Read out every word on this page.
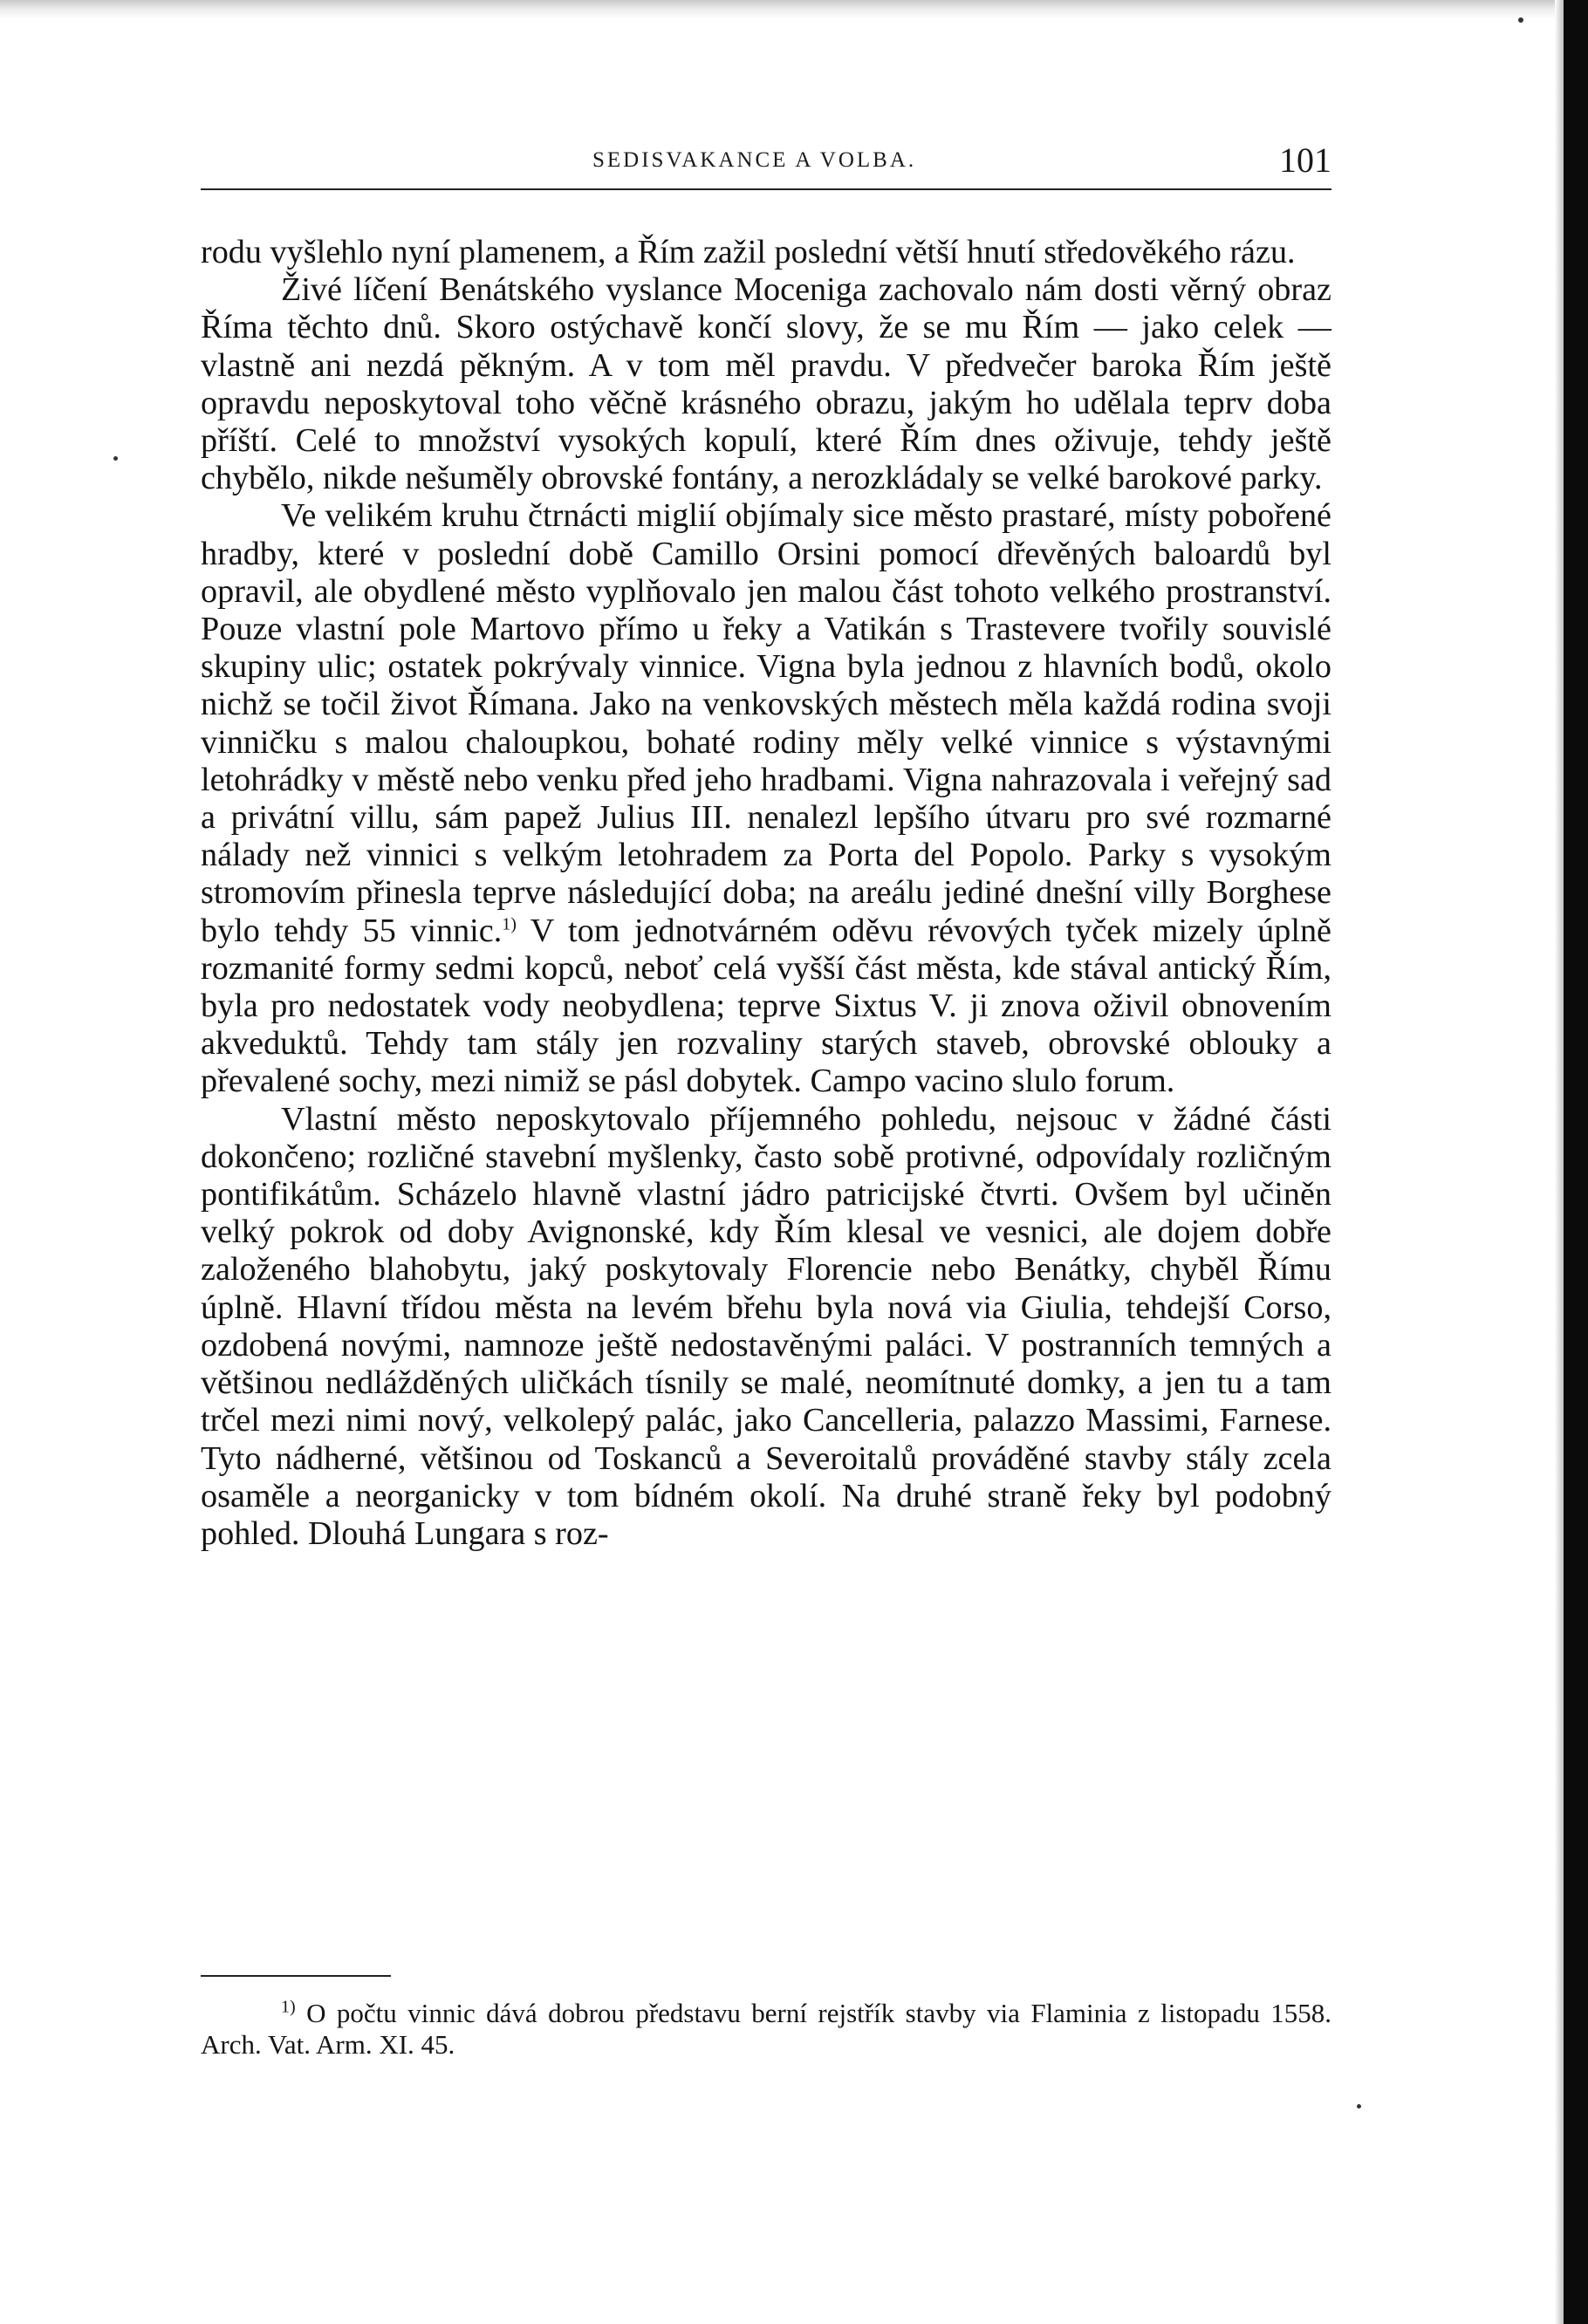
SEDISVAKANCE A VOLBA.	101

rodu vyšlehlo nyní plamenem, a Řím zažil poslední větší hnutí středověkého rázu.

Živé líčení Benátského vyslance Moceniga zachovalo nám dosti věrný obraz Říma těchto dnů. Skoro ostýchavě končí slovy, že se mu Řím — jako celek — vlastně ani nezdá pěkným. A v tom měl pravdu. V předvečer baroka Řím ještě opravdu neposkytoval toho věčně krásného obrazu, jakým ho udělala teprv doba příští. Celé to množství vysokých kopulí, které Řím dnes oživuje, tehdy ještě chybělo, nikde nešuměly obrovské fontány, a nerozkládaly se velké barokové parky.

Ve velikém kruhu čtrnácti miglií objímaly sice město prastaré, místy pobořené hradby, které v poslední době Camillo Orsini pomocí dřevěných baloardů byl opravil, ale obydlené město vyplňovalo jen malou část tohoto velkého prostranství. Pouze vlastní pole Martovo přímo u řeky a Vatikán s Trastevere tvořily souvislé skupiny ulic; ostatek pokrývaly vinnice. Vigna byla jednou z hlavních bodů, okolo nichž se točil život Římana. Jako na venkovských městech měla každá rodina svoji vinničku s malou chaloupkou, bohaté rodiny měly velké vinnice s výstavnými letohrádky v městě nebo venku před jeho hradbami. Vigna nahrazovala i veřejný sad a privátní villu, sám papež Julius III. nenalezl lepšího útvaru pro své rozmarné nálady než vinnici s velkým letohradem za Porta del Popolo. Parky s vysokým stromovím přinesla teprve následující doba; na areálu jediné dnešní villy Borghese bylo tehdy 55 vinnic.$^{1)}$ V tom jednotvárném oděvu révových tyček mizely úplně rozmanité formy sedmi kopců, neboť celá vyšší část města, kde stával antický Řím, byla pro nedostatek vody neobydlena; teprve Sixtus V. ji znova oživil obnovením akveduktů. Tehdy tam stály jen rozvaliny starých staveb, obrovské oblouky a převalené sochy, mezi nimiž se pásl dobytek. Campo vacino slulo forum.

Vlastní město neposkytovalo příjemného pohledu, nejsouc v žádné části dokončeno; rozličné stavební myšlenky, často sobě protivné, odpovídaly rozličným pontifikátům. Scházelo hlavně vlastní jádro patricijské čtvrti. Ovšem byl učiněn velký pokrok od doby Avignonské, kdy Řím klesal ve vesnici, ale dojem dobře založeného blahobytu, jaký poskytovaly Florencie nebo Benátky, chyběl Římu úplně. Hlavní třídou města na levém břehu byla nová via Giulia, tehdejší Corso, ozdobená novými, namnoze ještě nedostavěnými paláci. V postranních temných a většinou nedlážděných uličkách tísnily se malé, neomítnuté domky, a jen tu a tam trčel mezi nimi nový, velkolepý palác, jako Cancelleria, palazzo Massimi, Farnese. Tyto nádherné, většinou od Toskanců a Severoitalů prováděné stavby stály zcela osaměle a neorganicky v tom bídném okolí. Na druhé straně řeky byl podobný pohled. Dlouhá Lungara s roz-

$^{1)}$ O počtu vinnic dává dobrou představu berní rejstřík stavby via Flaminia z listopadu 1558. Arch. Vat. Arm. XI. 45.
